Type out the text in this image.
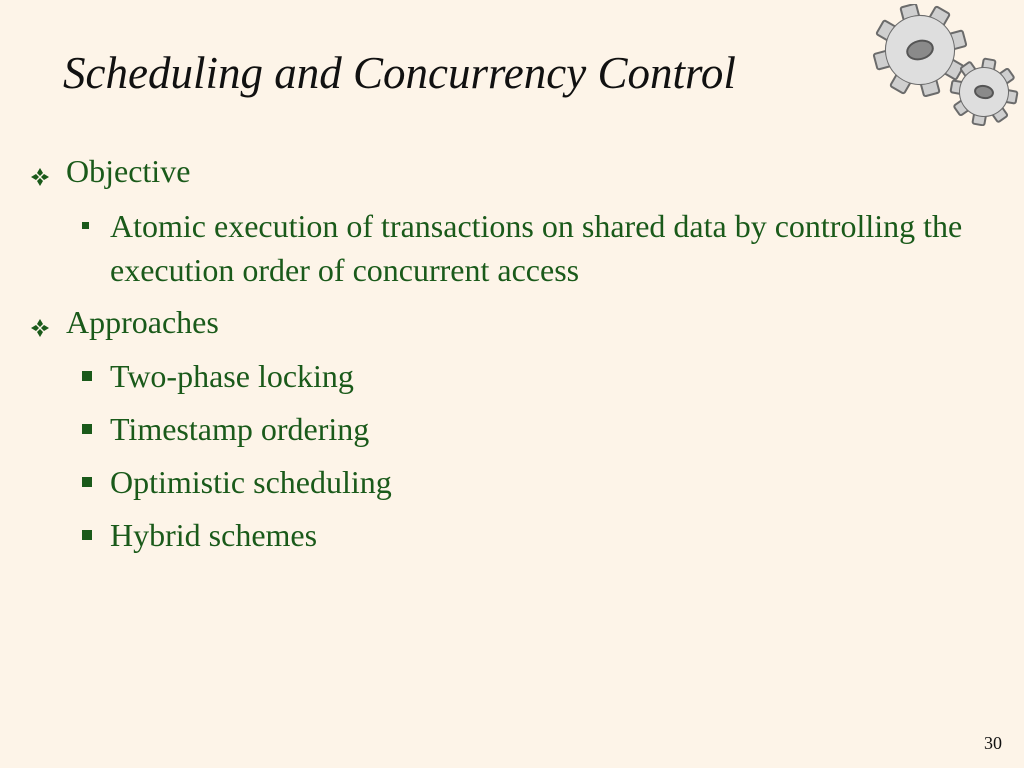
Scheduling and Concurrency Control
Objective
Atomic execution of transactions on shared data by controlling the execution order of concurrent access
Approaches
Two-phase locking
Timestamp ordering
Optimistic scheduling
Hybrid schemes
30
